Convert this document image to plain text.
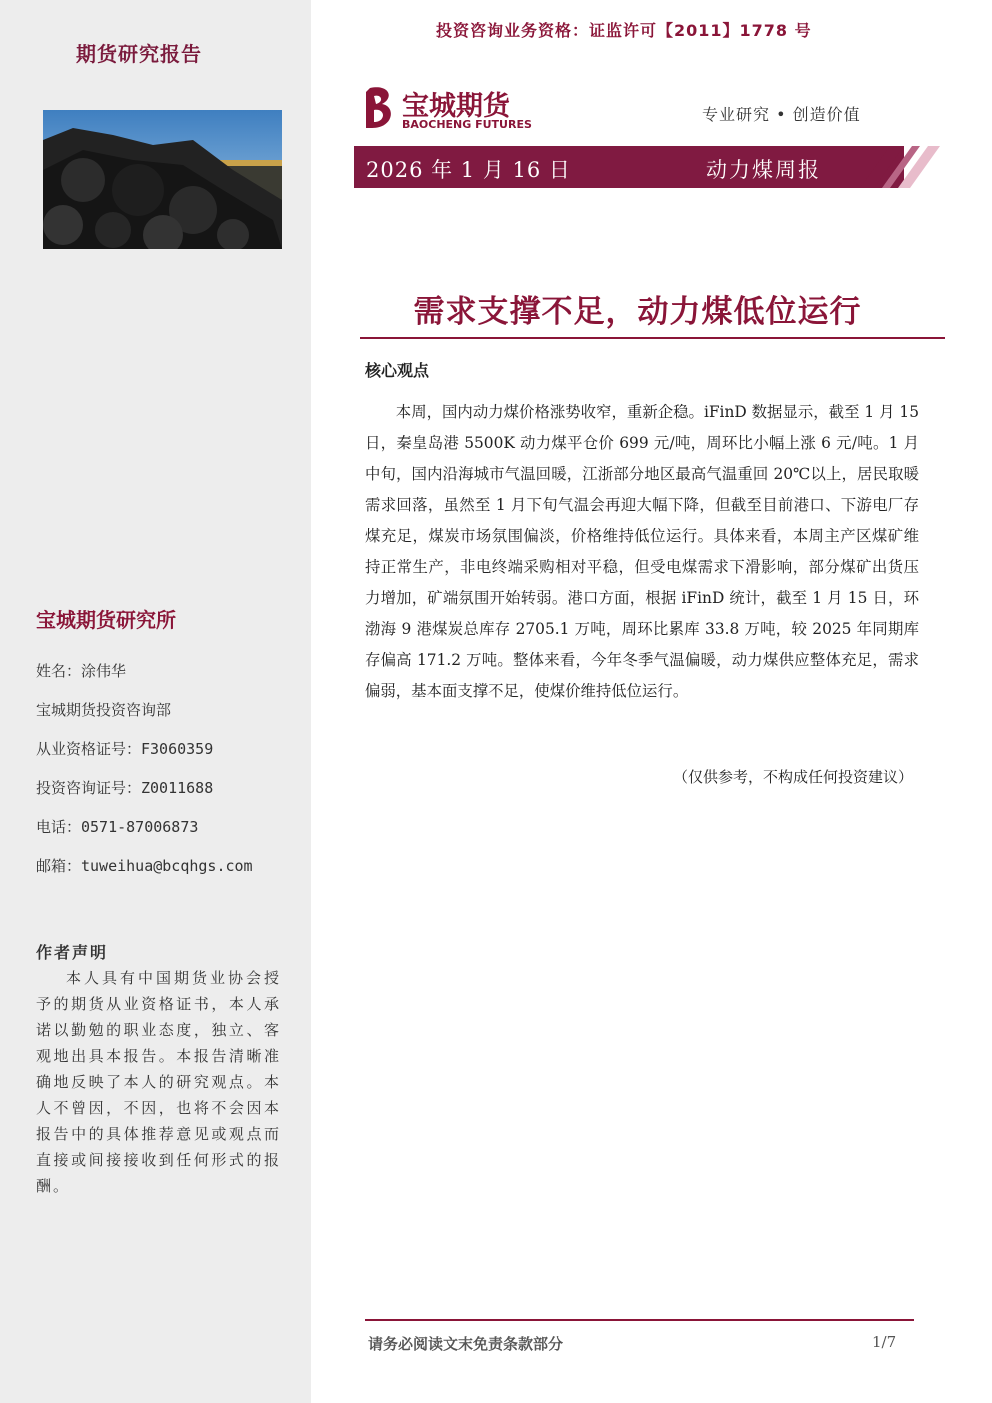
期货研究报告
宝城期货研究所
姓名：涂伟华
宝城期货投资咨询部
从业资格证号：F3060359
投资咨询证号：Z0011688
电话：0571-87006873
邮箱：tuweihua@bcqhgs.com
作者声明
本人具有中国期货业协会授予的期货从业资格证书，本人承诺以勤勉的职业态度，独立、客观地出具本报告。本报告清晰准确地反映了本人的研究观点。本人不曾因，不因，也将不会因本报告中的具体推荐意见或观点而直接或间接接收到任何形式的报酬。
投资咨询业务资格：证监许可【2011】1778 号
宝城期货
BAOCHENG FUTURES
专业研究 • 创造价值
2026 年 1 月 16 日	动力煤周报
需求支撑不足，动力煤低位运行
核心观点
本周，国内动力煤价格涨势收窄，重新企稳。iFinD 数据显示，截至 1 月 15 日，秦皇岛港 5500K 动力煤平仓价 699 元/吨，周环比小幅上涨 6 元/吨。1 月中旬，国内沿海城市气温回暖，江浙部分地区最高气温重回 20℃以上，居民取暖需求回落，虽然至 1 月下旬气温会再迎大幅下降，但截至目前港口、下游电厂存煤充足，煤炭市场氛围偏淡，价格维持低位运行。具体来看，本周主产区煤矿维持正常生产，非电终端采购相对平稳，但受电煤需求下滑影响，部分煤矿出货压力增加，矿端氛围开始转弱。港口方面，根据 iFinD 统计，截至 1 月 15 日，环渤海 9 港煤炭总库存 2705.1 万吨，周环比累库 33.8 万吨，较 2025 年同期库存偏高 171.2 万吨。整体来看，今年冬季气温偏暖，动力煤供应整体充足，需求偏弱，基本面支撑不足，使煤价维持低位运行。
（仅供参考，不构成任何投资建议）
请务必阅读文末免责条款部分	1/7
